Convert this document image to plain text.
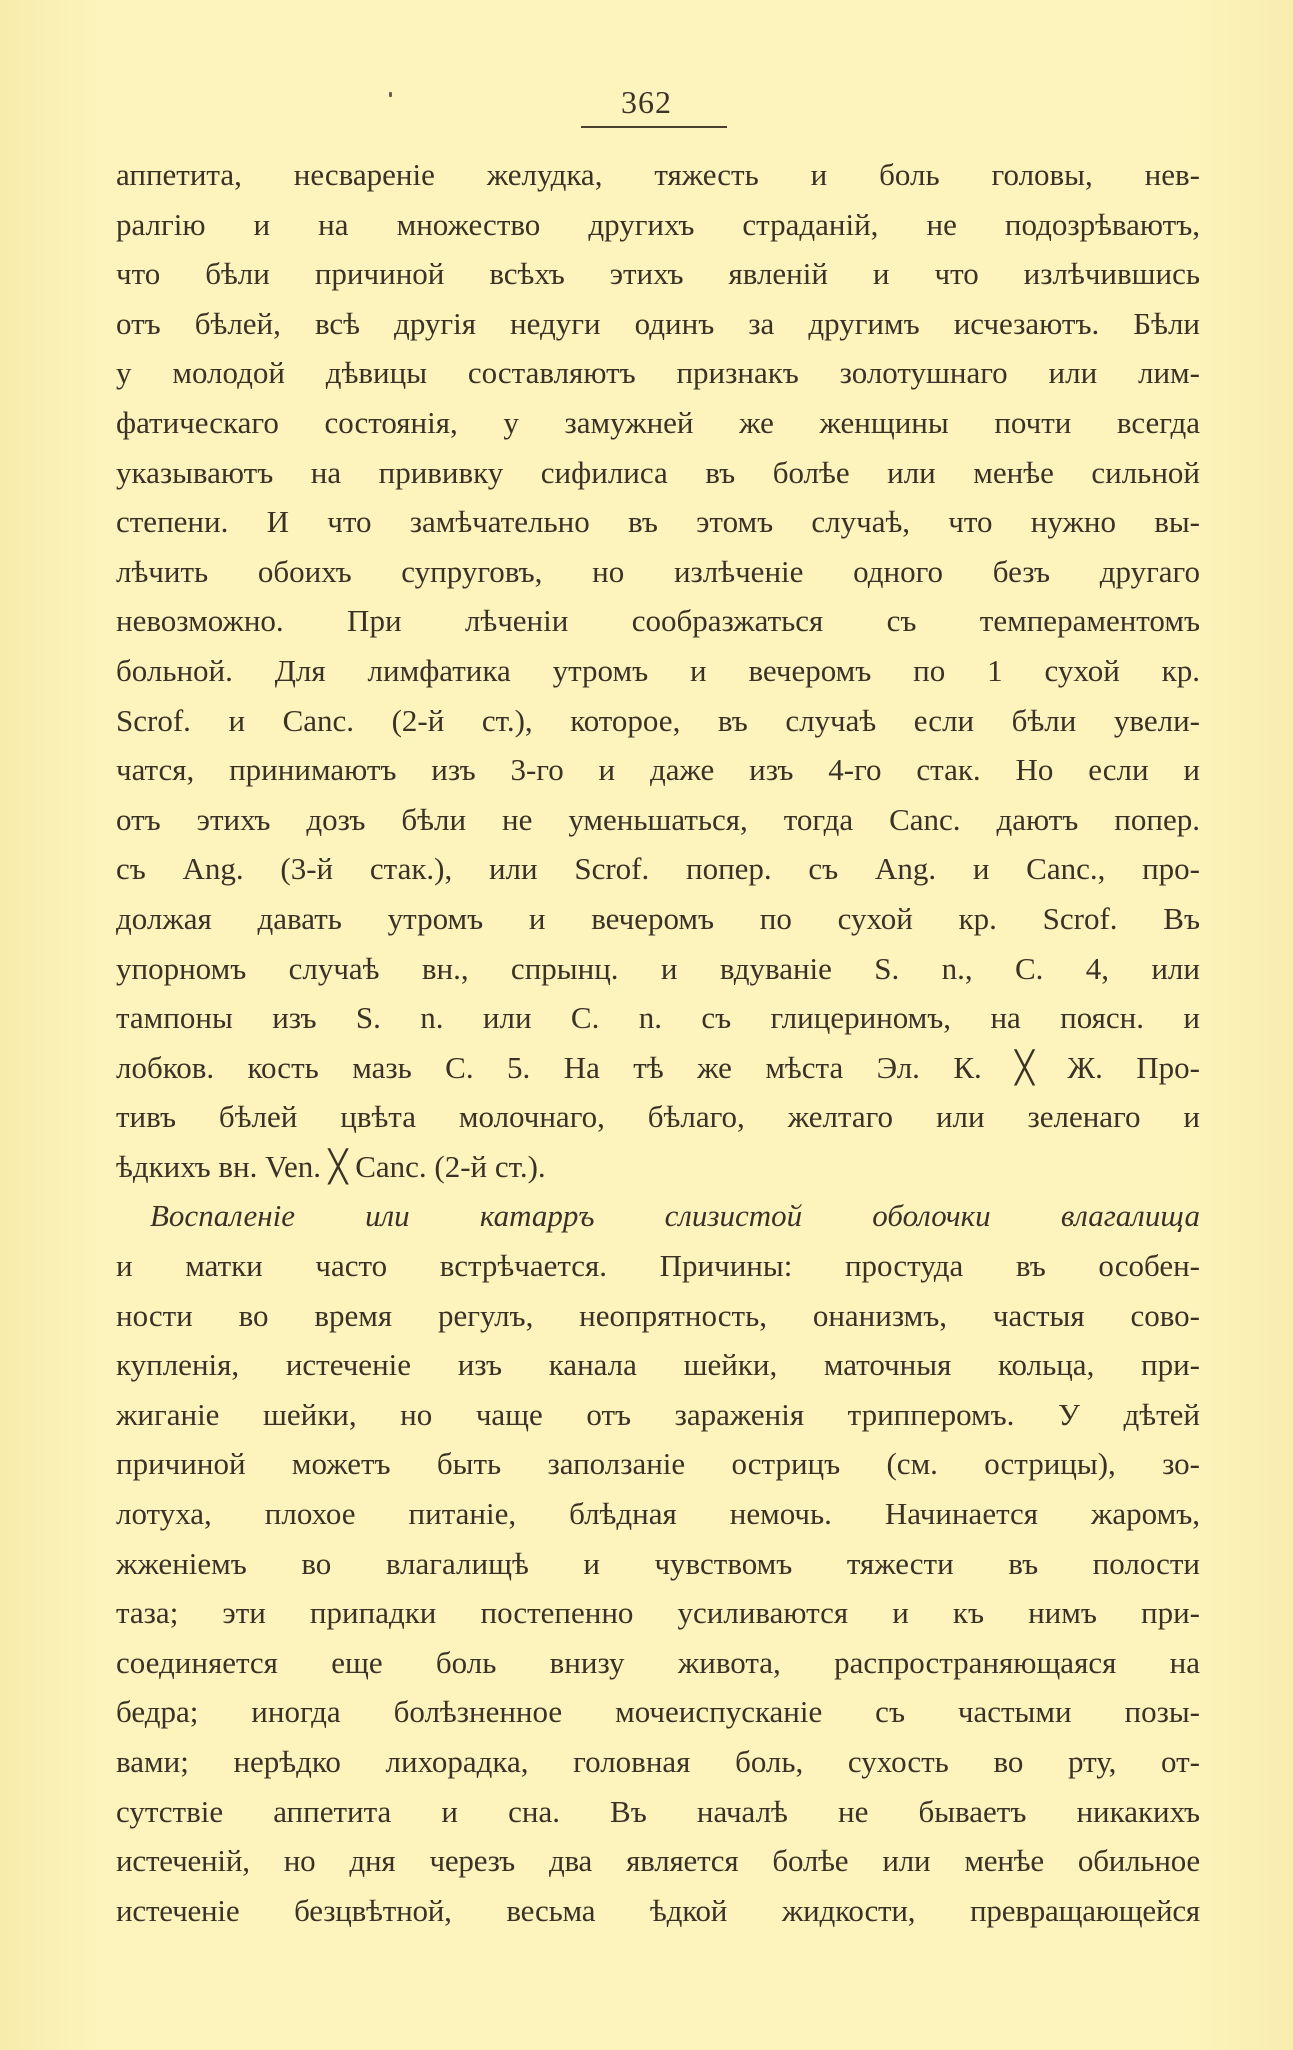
362
аппетита, несвареніе желудка, тяжесть и боль головы, нев-
ралгію и на множество другихъ страданій, не подозрѣваютъ,
что бѣли причиной всѣхъ этихъ явленій и что излѣчившись
отъ бѣлей, всѣ другія недуги одинъ за другимъ исчезаютъ. Бѣли
у молодой дѣвицы составляютъ признакъ золотушнаго или лим-
фатическаго состоянія, у замужней же женщины почти всегда
указываютъ на прививку сифилиса въ болѣе или менѣе сильной
степени. И что замѣчательно въ этомъ случаѣ, что нужно вы-
лѣчить обоихъ супруговъ, но излѣченіе одного безъ другаго
невозможно. При лѣченіи сообразжаться съ темпераментомъ
больной. Для лимфатика утромъ и вечеромъ по 1 сухой кр.
Scrof. и Canc. (2-й ст.), которое, въ случаѣ если бѣли увели-
чатся, принимаютъ изъ 3-го и даже изъ 4-го стак. Но если и
отъ этихъ дозъ бѣли не уменьшаться, тогда Canc. даютъ попер.
съ Ang. (3-й стак.), или Scrof. попер. съ Ang. и Canc., про-
должая давать утромъ и вечеромъ по сухой кр. Scrof. Въ
упорномъ случаѣ вн., спрынц. и вдуваніе S. n., C. 4, или
тампоны изъ S. n. или C. n. съ глицериномъ, на поясн. и
лобков. кость мазь C. 5. На тѣ же мѣста Эл. К. ╳ Ж. Про-
тивъ бѣлей цвѣта молочнаго, бѣлаго, желтаго или зеленаго и
ѣдкихъ вн. Ven. ╳ Canc. (2-й ст.).
Воспаленіе или катарръ слизистой оболочки влагалища
и матки часто встрѣчается. Причины: простуда въ особен-
ности во время регулъ, неопрятность, онанизмъ, частыя сово-
купленія, истеченіе изъ канала шейки, маточныя кольца, при-
жиганіе шейки, но чаще отъ зараженія трипперомъ. У дѣтей
причиной можетъ быть заползаніе острицъ (см. острицы), зо-
лотуха, плохое питаніе, блѣдная немочь. Начинается жаромъ,
жженіемъ во влагалищѣ и чувствомъ тяжести въ полости
таза; эти припадки постепенно усиливаются и къ нимъ при-
соединяется еще боль внизу живота, распространяющаяся на
бедра; иногда болѣзненное мочеиспусканіе съ частыми позы-
вами; нерѣдко лихорадка, головная боль, сухость во рту, от-
сутствіе аппетита и сна. Въ началѣ не бываетъ никакихъ
истеченій, но дня черезъ два является болѣе или менѣе обильное
истеченіе безцвѣтной, весьма ѣдкой жидкости, превращающейся
